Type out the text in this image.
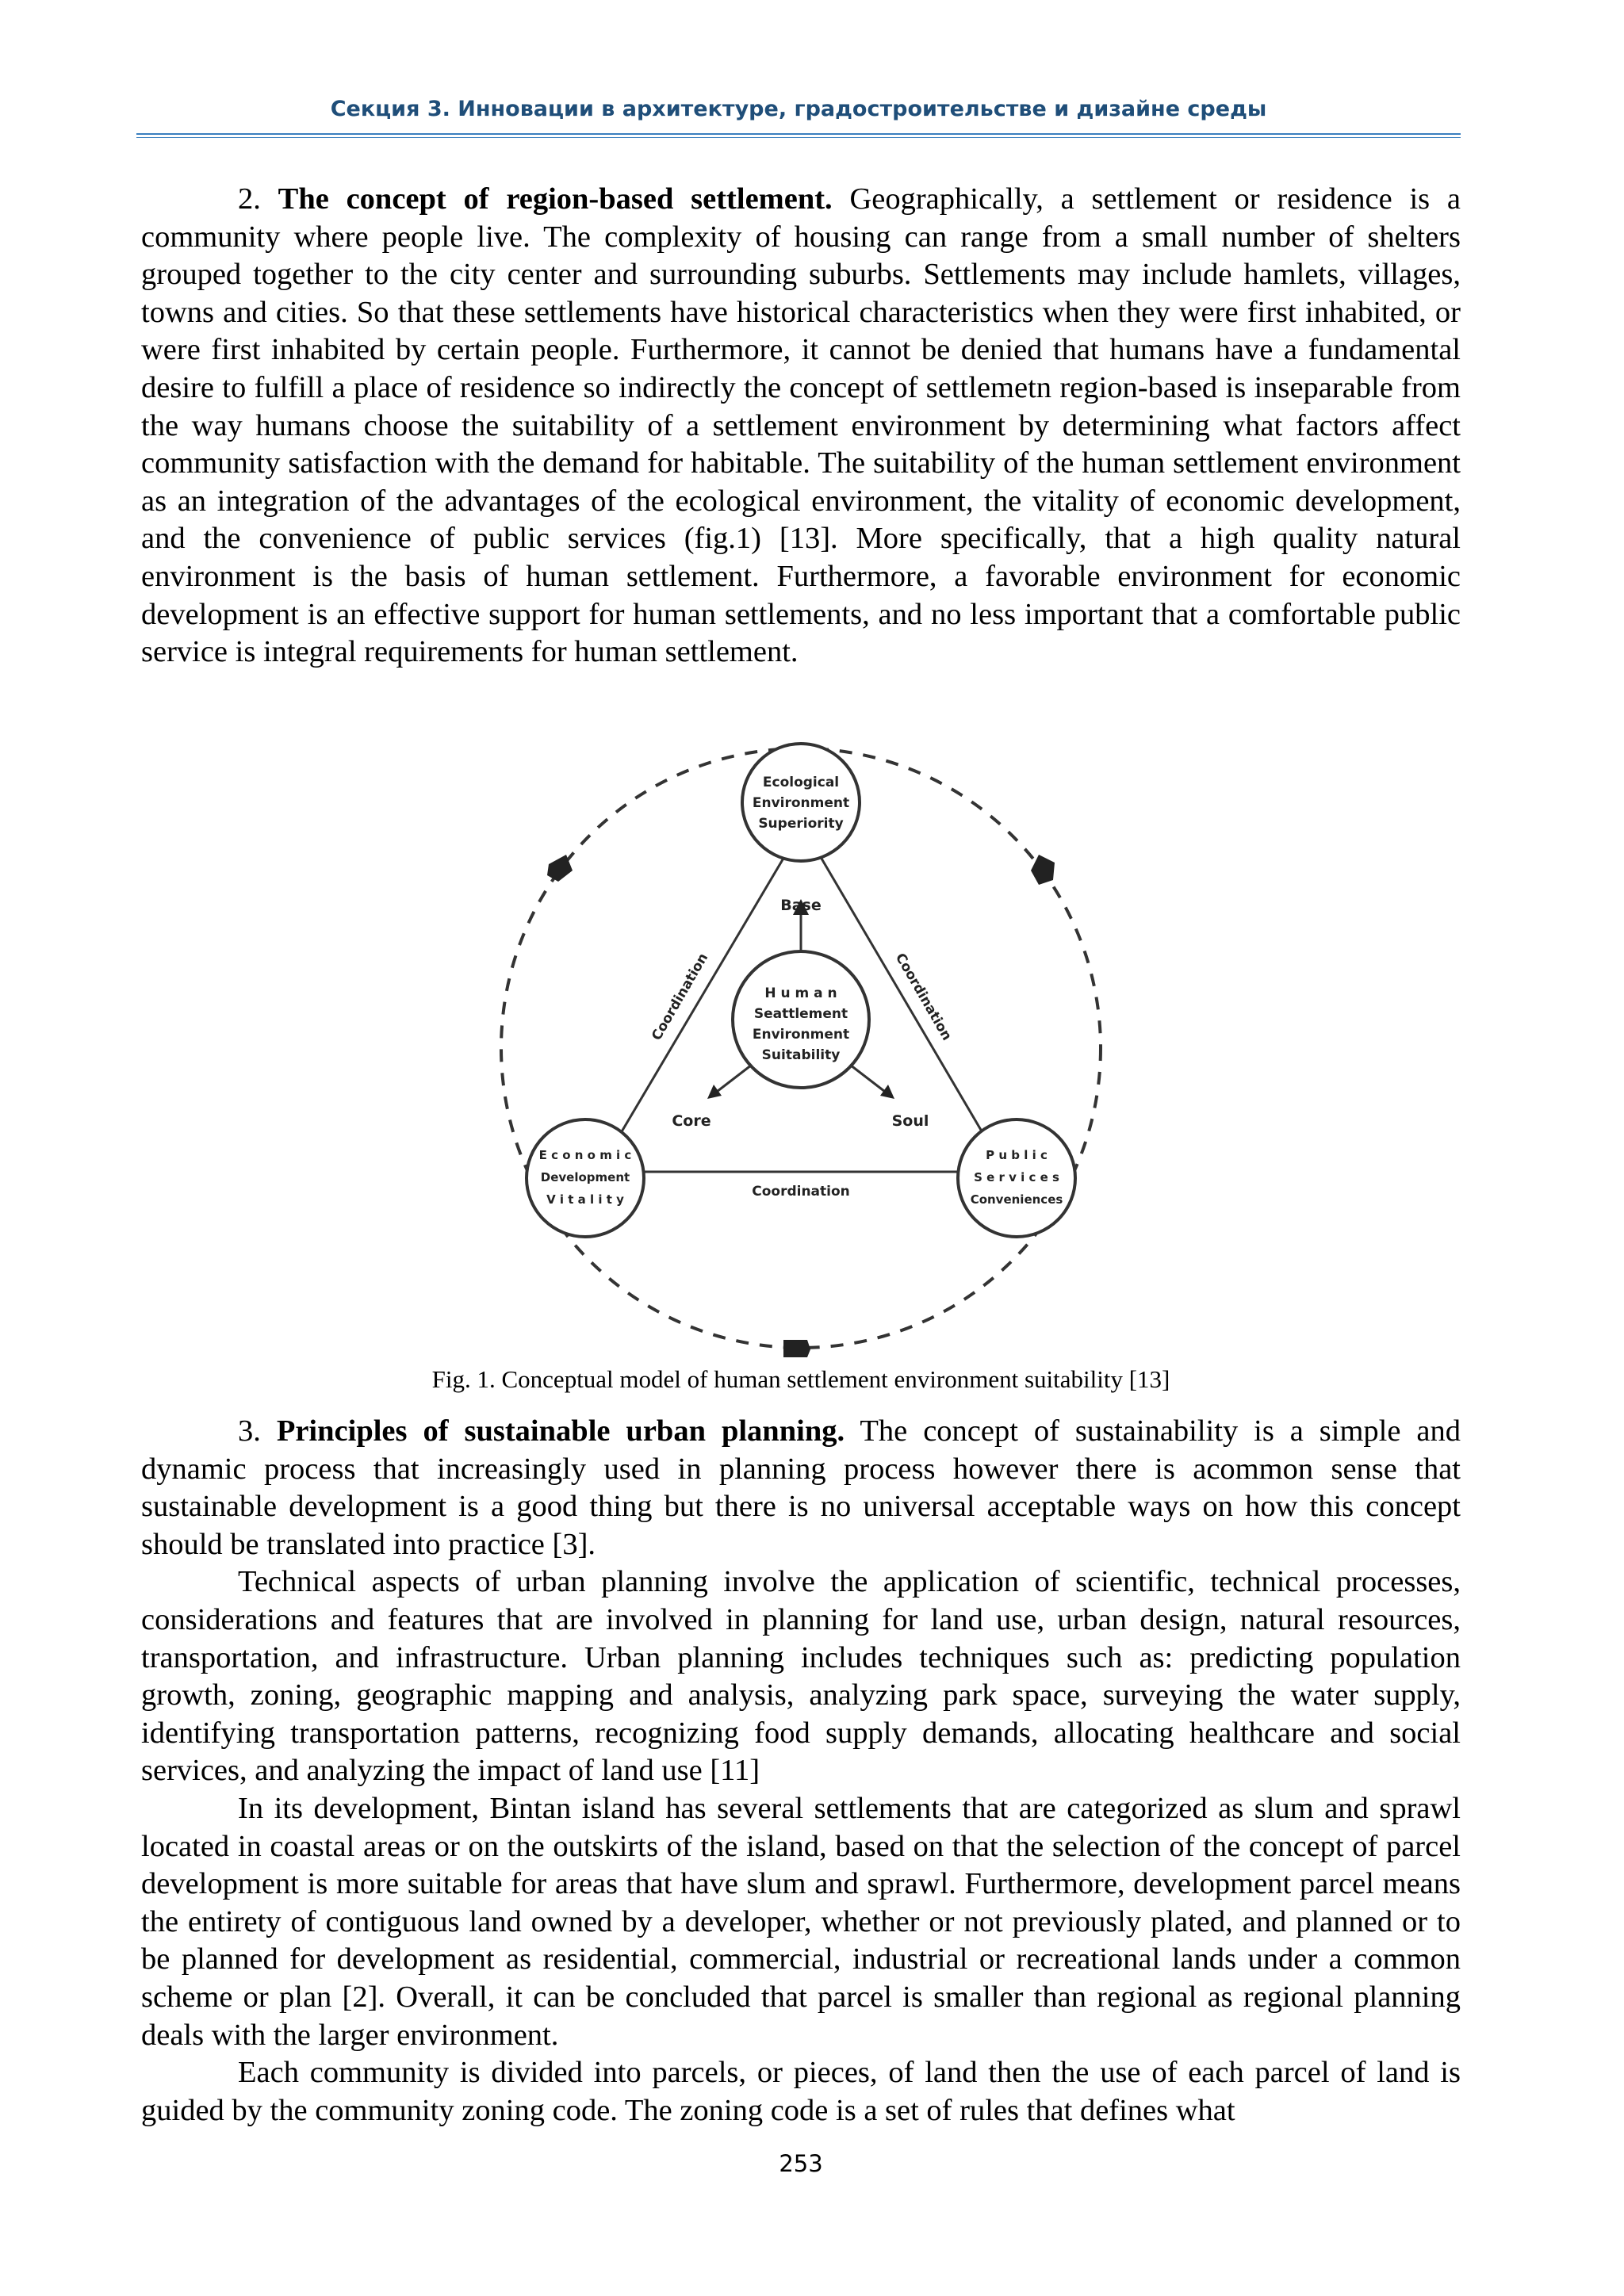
Секция 3. Инновации в архитектуре, градостроительстве и дизайне среды

2. The concept of region-based settlement. Geographically, a settlement or residence is a community where people live. The complexity of housing can range from a small number of shelters grouped together to the city center and surrounding suburbs. Settlements may include hamlets, villages, towns and cities. So that these settlements have historical characteristics when they were first inhabited, or were first inhabited by certain people. Furthermore, it cannot be denied that humans have a fundamental desire to fulfill a place of residence so indirectly the concept of settlemetn region-based is inseparable from the way humans choose the suitability of a settlement environment by determining what factors affect community satisfaction with the demand for habitable. The suitability of the human settlement environment as an integration of the advantages of the ecological environment, the vitality of economic development, and the convenience of public services (fig.1) [13]. More specifically, that a high quality natural environment is the basis of human settlement. Furthermore, a favorable environment for economic development is an effective support for human settlements, and no less important that a comfortable public service is integral requirements for human settlement.

Ecological
Environment
Superiority
E c o n o m i c
Development
V i t a l i t y
P u b l i c
S e r v i c e s
Conveniences
H u m a n
Seattlement
Environment
Suitability
Base
Core	Soul
Coordination	Coordination
Coordination
Fig. 1. Conceptual model of human settlement environment suitability [13]

3. Principles of sustainable urban planning. The concept of sustainability is a simple and dynamic process that increasingly used in planning process however there is acommon sense that sustainable development is a good thing but there is no universal acceptable ways on how this concept should be translated into practice [3].

Technical aspects of urban planning involve the application of scientific, technical processes, considerations and features that are involved in planning for land use, urban design, natural resources, transportation, and infrastructure. Urban planning includes techniques such as: predicting population growth, zoning, geographic mapping and analysis, analyzing park space, surveying the water supply, identifying transportation patterns, recognizing food supply demands, allocating healthcare and social services, and analyzing the impact of land use [11]

In its development, Bintan island has several settlements that are categorized as slum and sprawl located in coastal areas or on the outskirts of the island, based on that the selection of the concept of parcel development is more suitable for areas that have slum and sprawl. Furthermore, development parcel means the entirety of contiguous land owned by a developer, whether or not previously plated, and planned or to be planned for development as residential, commercial, industrial or recreational lands under a common scheme or plan [2]. Overall, it can be concluded that parcel is smaller than regional as regional planning deals with the larger environment.

Each community is divided into parcels, or pieces, of land then the use of each parcel of land is guided by the community zoning code. The zoning code is a set of rules that defines what

253
